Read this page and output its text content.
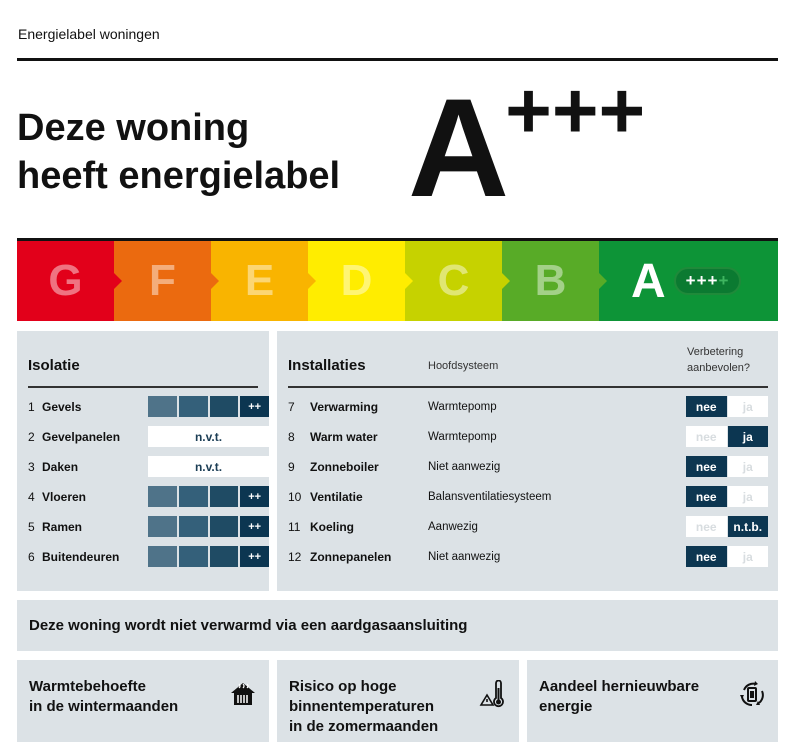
Energielabel woningen
Deze woning
heeft energielabel A+++
G F E D C B A	++++
Isolatie
1 Gevels	++
2 Gevelpanelen	n.v.t.
3 Daken	n.v.t.
4 Vloeren	++
5 Ramen	++
6 Buitendeuren	++
Installaties	Hoofdsysteem
Verbetering
aanbevolen?
7	Verwarming	Warmtepomp	nee	ja
8	Warm water	Warmtepomp	nee	ja
9	Zonneboiler	Niet aanwezig	nee	ja
10 Ventilatie	Balansventilatiesysteem	nee	ja
11 Koeling	Aanwezig	nee	n.t.b.
12 Zonnepanelen	Niet aanwezig	nee	ja
Deze woning wordt niet verwarmd via een aardgasaansluiting
Warmtebehoefte
in de wintermaanden
Risico op hoge
binnentemperaturen
in de zomermaanden
Aandeel hernieuwbare
energie
